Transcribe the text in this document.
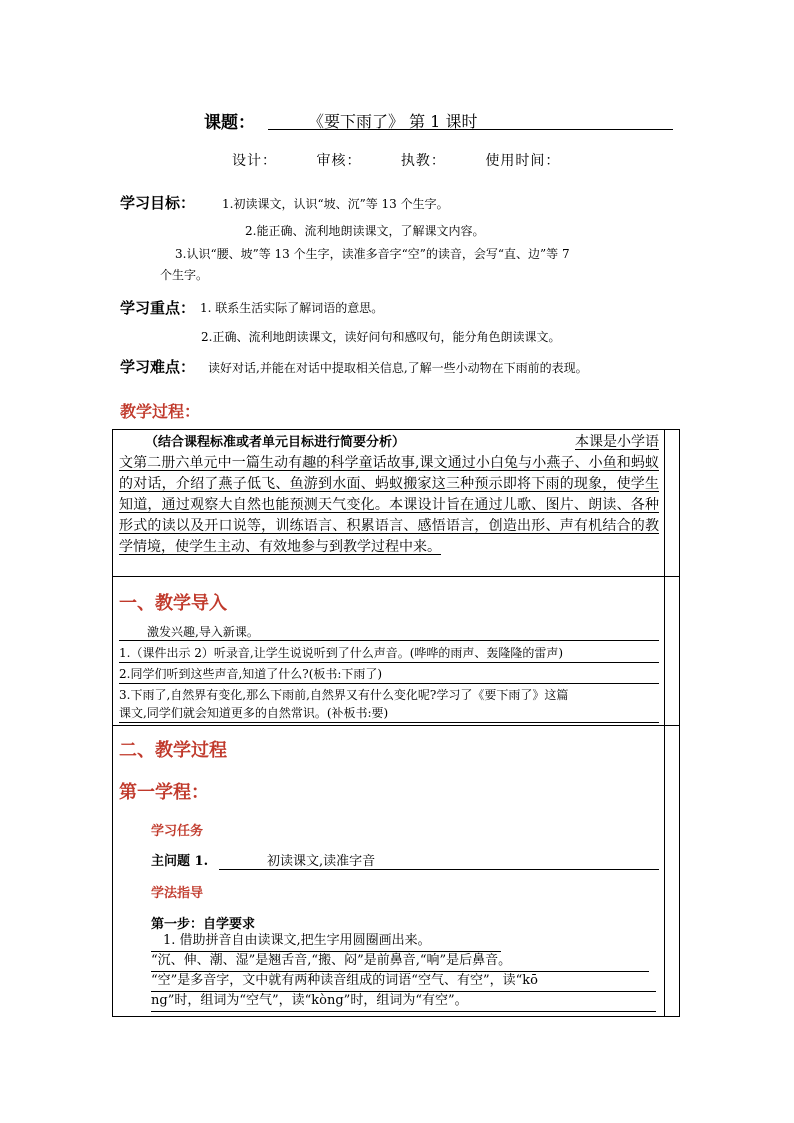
课题：	《要下雨了》 第 1 课时
设计：	审核：	执教：	使用时间：
学习目标： 1.初读课文，认识“坡、沉”等 13 个生字。
2.能正确、流利地朗读课文，了解课文内容。
3.认识“腰、坡”等 13 个生字，读准多音字“空”的读音，会写“直、边”等 7
个生字。
学习重点： 1. 联系生活实际了解词语的意思。
2.正确、流利地朗读课文，读好问句和感叹句，能分角色朗读课文。
学习难点： 读好对话,并能在对话中提取相关信息,了解一些小动物在下雨前的表现。
教学过程：
（结合课程标准或者单元目标进行简要分析）	本课是小学语文第二册六单元中一篇生动有趣的科学童话故事,课文通过小白兔与小燕子、小鱼和蚂蚁的对话，介绍了燕子低飞、鱼游到水面、蚂蚁搬家这三种预示即将下雨的现象，使学生知道，通过观察大自然也能预测天气变化。本课设计旨在通过儿歌、图片、朗读、各种形式的读以及开口说等，训练语言、积累语言、感悟语言，创造出形、声有机结合的教学情境，使学生主动、有效地参与到教学过程中来。
一、教学导入
激发兴趣,导入新课。
1.（课件出示 2）听录音,让学生说说听到了什么声音。(哗哗的雨声、轰隆隆的雷声)
2.同学们听到这些声音,知道了什么?(板书:下雨了)
3.下雨了,自然界有变化,那么下雨前,自然界又有什么变化呢?学习了《要下雨了》这篇
课文,同学们就会知道更多的自然常识。(补板书:要)
二、教学过程
第一学程：
学习任务
主问题 1.	初读课文,读准字音
学法指导
第一步：自学要求
1. 借助拼音自由读课文,把生字用圆圈画出来。
“沉、伸、潮、湿”是翘舌音,“搬、闷”是前鼻音,“响”是后鼻音。
“空”是多音字，文中就有两种读音组成的词语“空气、有空”，读“kō
ng”时，组词为“空气”，读“kòng”时，组词为“有空”。
